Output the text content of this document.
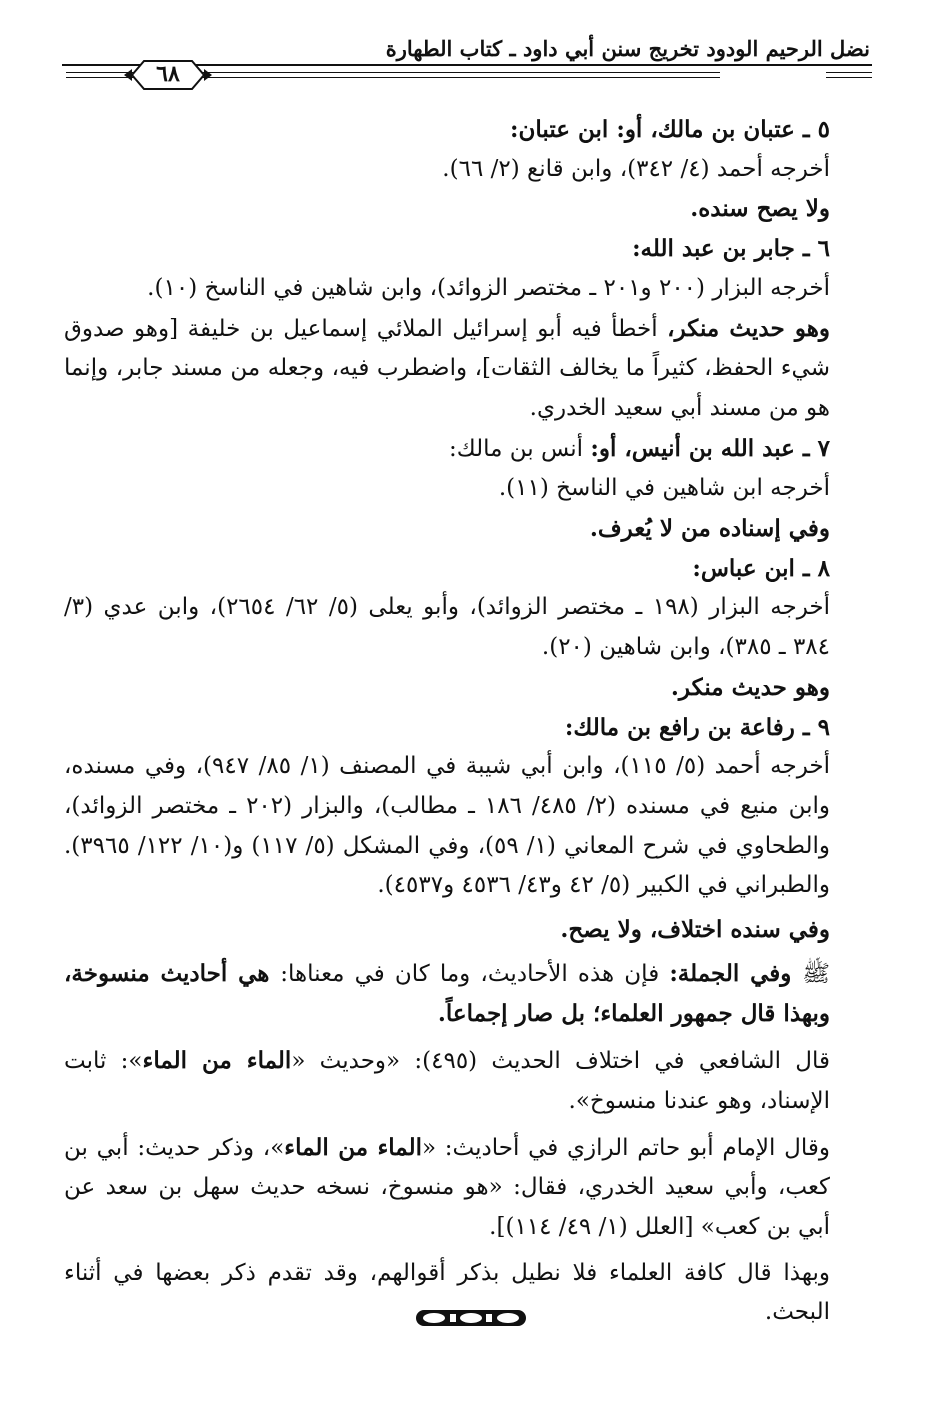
نضل الرحيم الودود تخريج سنن أبي داود ـ كتاب الطهارة
٦٨

٥ ـ عتبان بن مالك، أو: ابن عتبان:

أخرجه أحمد (٤/ ٣٤٢)، وابن قانع (٢/ ٦٦).

ولا يصح سنده.

٦ ـ جابر بن عبد الله:

أخرجه البزار (٢٠٠ و٢٠١ ـ مختصر الزوائد)، وابن شاهين في الناسخ (١٠).

وهو حديث منكر، أخطأ فيه أبو إسرائيل الملائي إسماعيل بن خليفة [وهو صدوق شيء الحفظ، كثيراً ما يخالف الثقات]، واضطرب فيه، وجعله من مسند جابر، وإنما هو من مسند أبي سعيد الخدري.

٧ ـ عبد الله بن أنيس، أو: أنس بن مالك:

أخرجه ابن شاهين في الناسخ (١١).

وفي إسناده من لا يُعرف.

٨ ـ ابن عباس:

أخرجه البزار (١٩٨ ـ مختصر الزوائد)، وأبو يعلى (٥/ ٦٢/ ٢٦٥٤)، وابن عدي (٣/ ٣٨٤ ـ ٣٨٥)، وابن شاهين (٢٠).

وهو حديث منكر.

٩ ـ رفاعة بن رافع بن مالك:

أخرجه أحمد (٥/ ١١٥)، وابن أبي شيبة في المصنف (١/ ٨٥/ ٩٤٧)، وفي مسنده، وابن منيع في مسنده (٢/ ٤٨٥/ ١٨٦ ـ مطالب)، والبزار (٢٠٢ ـ مختصر الزوائد)، والطحاوي في شرح المعاني (١/ ٥٩)، وفي المشكل (٥/ ١١٧) و(١٠/ ١٢٢/ ٣٩٦٥). والطبراني في الكبير (٥/ ٤٢ و٤٣/ ٤٥٣٦ و٤٥٣٧).

وفي سنده اختلاف، ولا يصح.

ﷺ وفي الجملة: فإن هذه الأحاديث، وما كان في معناها: هي أحاديث منسوخة، وبهذا قال جمهور العلماء؛ بل صار إجماعاً.

قال الشافعي في اختلاف الحديث (٤٩٥): «وحديث «الماء من الماء»: ثابت الإسناد، وهو عندنا منسوخ».

وقال الإمام أبو حاتم الرازي في أحاديث: «الماء من الماء»، وذكر حديث: أبي بن كعب، وأبي سعيد الخدري، فقال: «هو منسوخ، نسخه حديث سهل بن سعد عن أبي بن كعب» [العلل (١/ ٤٩/ ١١٤)].

وبهذا قال كافة العلماء فلا نطيل بذكر أقوالهم، وقد تقدم ذكر بعضها في أثناء البحث.
